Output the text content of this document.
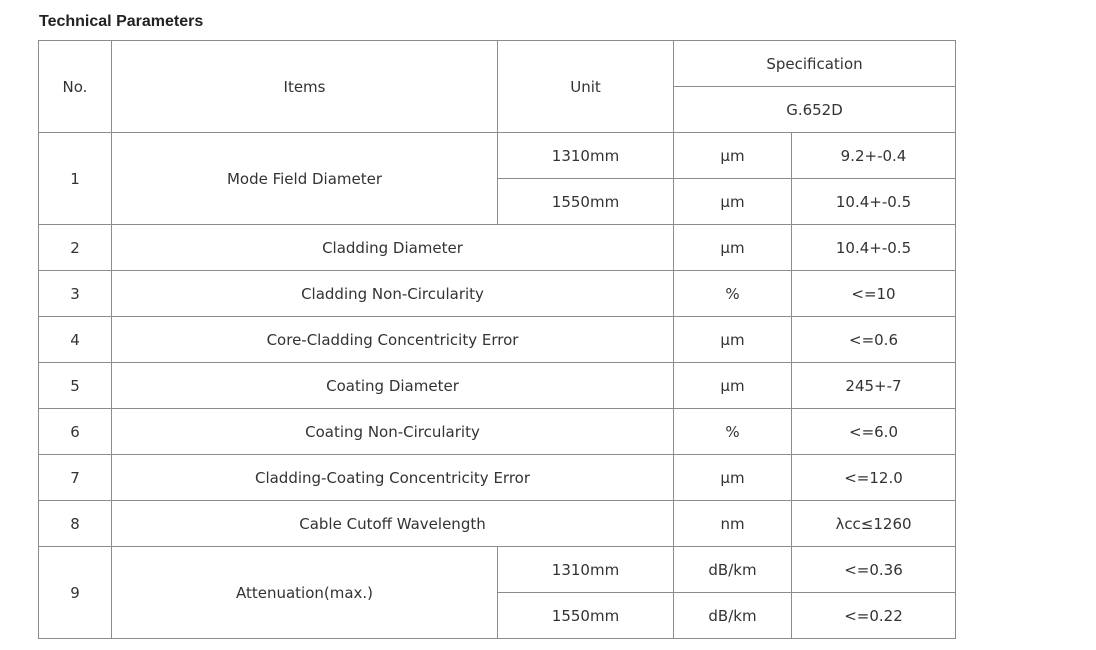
Technical Parameters
No.	Items	Unit	Specification	
			G.652D	
1	Mode Field Diameter	1310mm	µm	9.2+-0.4
		1550mm	µm	10.4+-0.5
2	Cladding Diameter		µm	10.4+-0.5
3	Cladding Non-Circularity		%	<=10
4	Core-Cladding Concentricity Error		µm	<=0.6
5	Coating Diameter		µm	245+-7
6	Coating Non-Circularity		%	<=6.0
7	Cladding-Coating Concentricity Error		µm	<=12.0
8	Cable Cutoff Wavelength		nm	λcc≤1260
9	Attenuation(max.)	1310mm	dB/km	<=0.36
		1550mm	dB/km	<=0.22
